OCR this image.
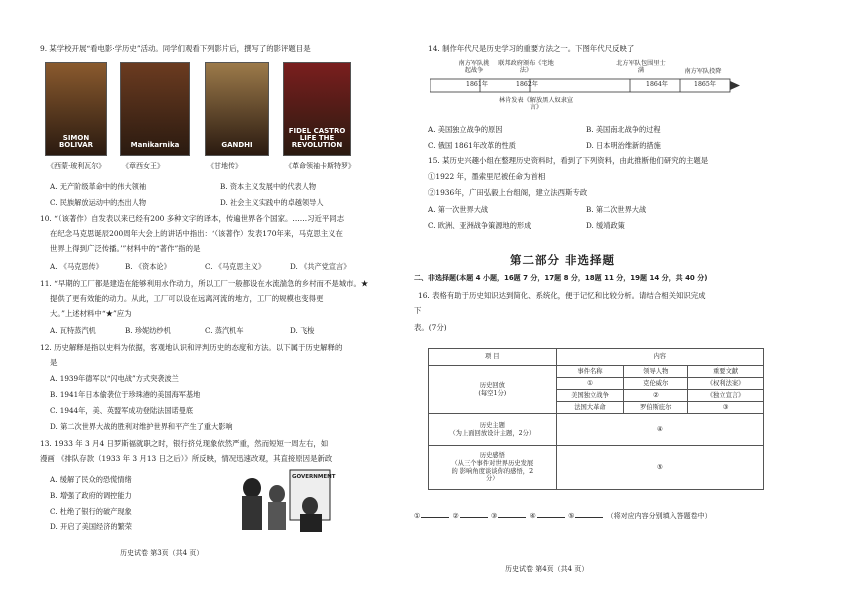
9. 某学校开展“看电影·学历史”活动。同学们观看下列影片后，撰写了的影评题目是
SIMON BOLIVAR
《西蒙·玻利瓦尔》
Manikarnika
《章西女王》
GANDHI
《甘地传》
FIDEL CASTRO LIFE THE REVOLUTION
《革命领袖卡斯特罗》
A. 无产阶级革命中的伟大领袖	B. 资本主义发展中的代表人物
C. 民族解放运动中的杰出人物	D. 社会主义实践中的卓越领导人
10. “（该著作）自发表以来已经有200 多种文字的译本，传遍世界各个国家。……习近平同志
在纪念马克思诞辰200周年大会上的讲话中指出：‘（该著作）发表170年来，马克思主义在
世界上得到广泛传播。’”材料中的“著作”指的是
A. 《马克思传》	B. 《资本论》	C. 《马克思主义》	D. 《共产党宣言》
11. “早期的工厂都是建造在能够利用水作动力，所以工厂一般都设在水流湍急的乡村而不是城市。★
提供了更有效能的动力。从此，工厂可以设在远离河流的地方，工厂的规模也变得更
大。”上述材料中“★”应为
A. 瓦特蒸汽机	B. 珍妮纺纱机	C. 蒸汽机车	D. 飞梭
12. 历史解释是指以史料为依据，客观地认识和评判历史的态度和方法。以下属于历史解释的
是
A. 1939年德军以“闪电战”方式突袭波兰
B. 1941年日本偷袭位于珍珠港的美国海军基地
C. 1944年，美、英盟军成功登陆法国诺曼底
D. 第二次世界大战的胜利对维护世界和平产生了重大影响
13. 1933 年 3 月4 日罗斯福就职之时，银行挤兑现象依然严重，然而短短一周左右，如
漫画 《排队存款（1933 年 3 月13 日之后）》所反映，情况迅速改观，其直接原因是新政
GOVERNMENT
A. 缓解了民众的恐慌情绪
B. 增强了政府的调控能力
C. 杜绝了银行的破产现象
D. 开启了美国经济的繁荣
历史试卷 第3页（共4 页）
14. 制作年代尺是历史学习的重要方法之一。下图年代尺反映了
南方军队挑起战争
联邦政府颁布《宅地法》
北方军队包围里士满	南方军队投降
1861年	1862年	1864年	1865年
林肯发表《解放黑人奴隶宣言》
A. 美国独立战争的原因	B. 美国南北战争的过程
C. 俄国 1861年改革的性质	D. 日本明治维新的措施
15. 某历史兴趣小组在整理历史资料时，看到了下列资料，由此推断他们研究的主题是
①1922 年，墨索里尼被任命为首相
②1936年，广田弘毅上台组阁，建立法西斯专政
A. 第一次世界大战	B. 第二次世界大战
C. 欧洲、亚洲战争策源地的形成	D. 缓靖政策
第二部分 非选择题
二、非选择题(本题 4 小题，16题 7 分，17题 8 分，18题 11 分，19题 14 分，共 40 分)
16. 表格有助于历史知识达到简化、系统化，便于记忆和比较分析。请结合相关知识完成
下
表。(7分)
项 目	内容		

历史回放
(每空1分)	事件名称	领导人物	重要文献
	①	克伦威尔	《权利法案》
	美国独立战争	②	《独立宣言》
	法国大革命	罗伯斯庇尔	③

历史主题
（为上面回放设计主题，2分）	④		

历史感悟
（从三个事件对世界历史发展
的 影响角度谈谈你的感悟，2
分）	⑤		
①	②	③	④	⑤	（将对应内容分别填入答题卷中）
历史试卷 第4页（共4 页）
